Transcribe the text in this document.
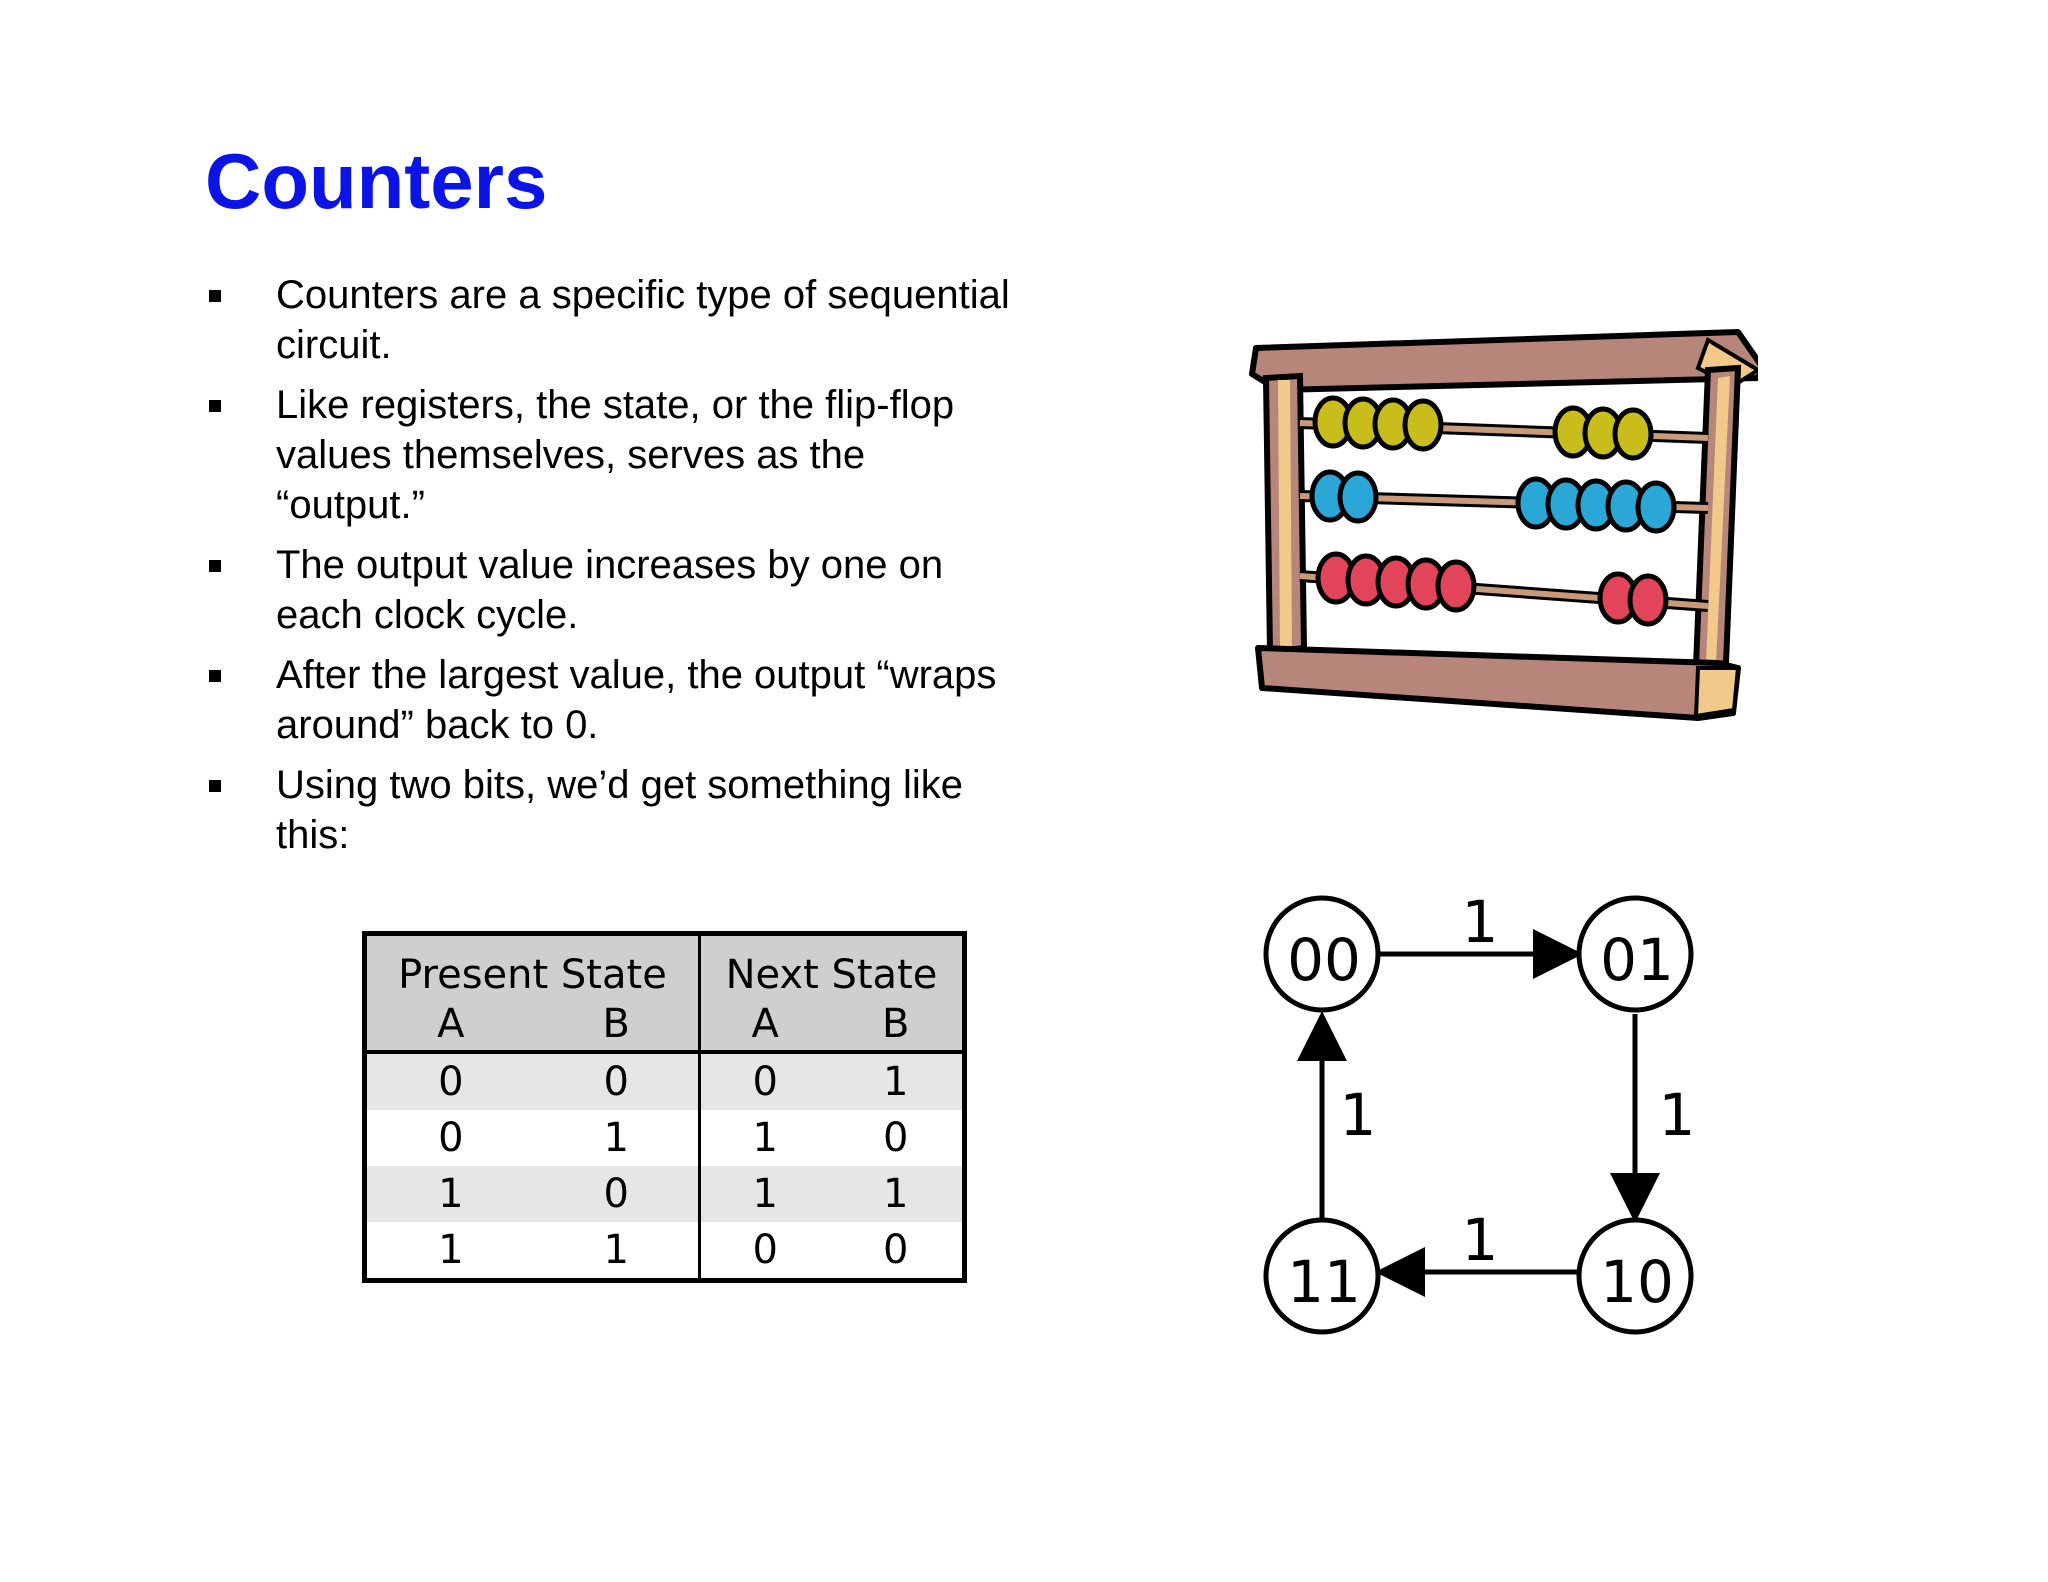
Counters
Counters are a specific type of sequential circuit.
Like registers, the state, or the flip-flop values themselves, serves as the “output.”
The output value increases by one on each clock cycle.
After the largest value, the output “wraps around” back to 0.
Using two bits, we’d get something like this:
Present State		Next State	
A	B	A	B
0	0	0	1
0	1	1	0
1	0	1	1
1	1	0	0
1
1
1
1
00	01
10
11
